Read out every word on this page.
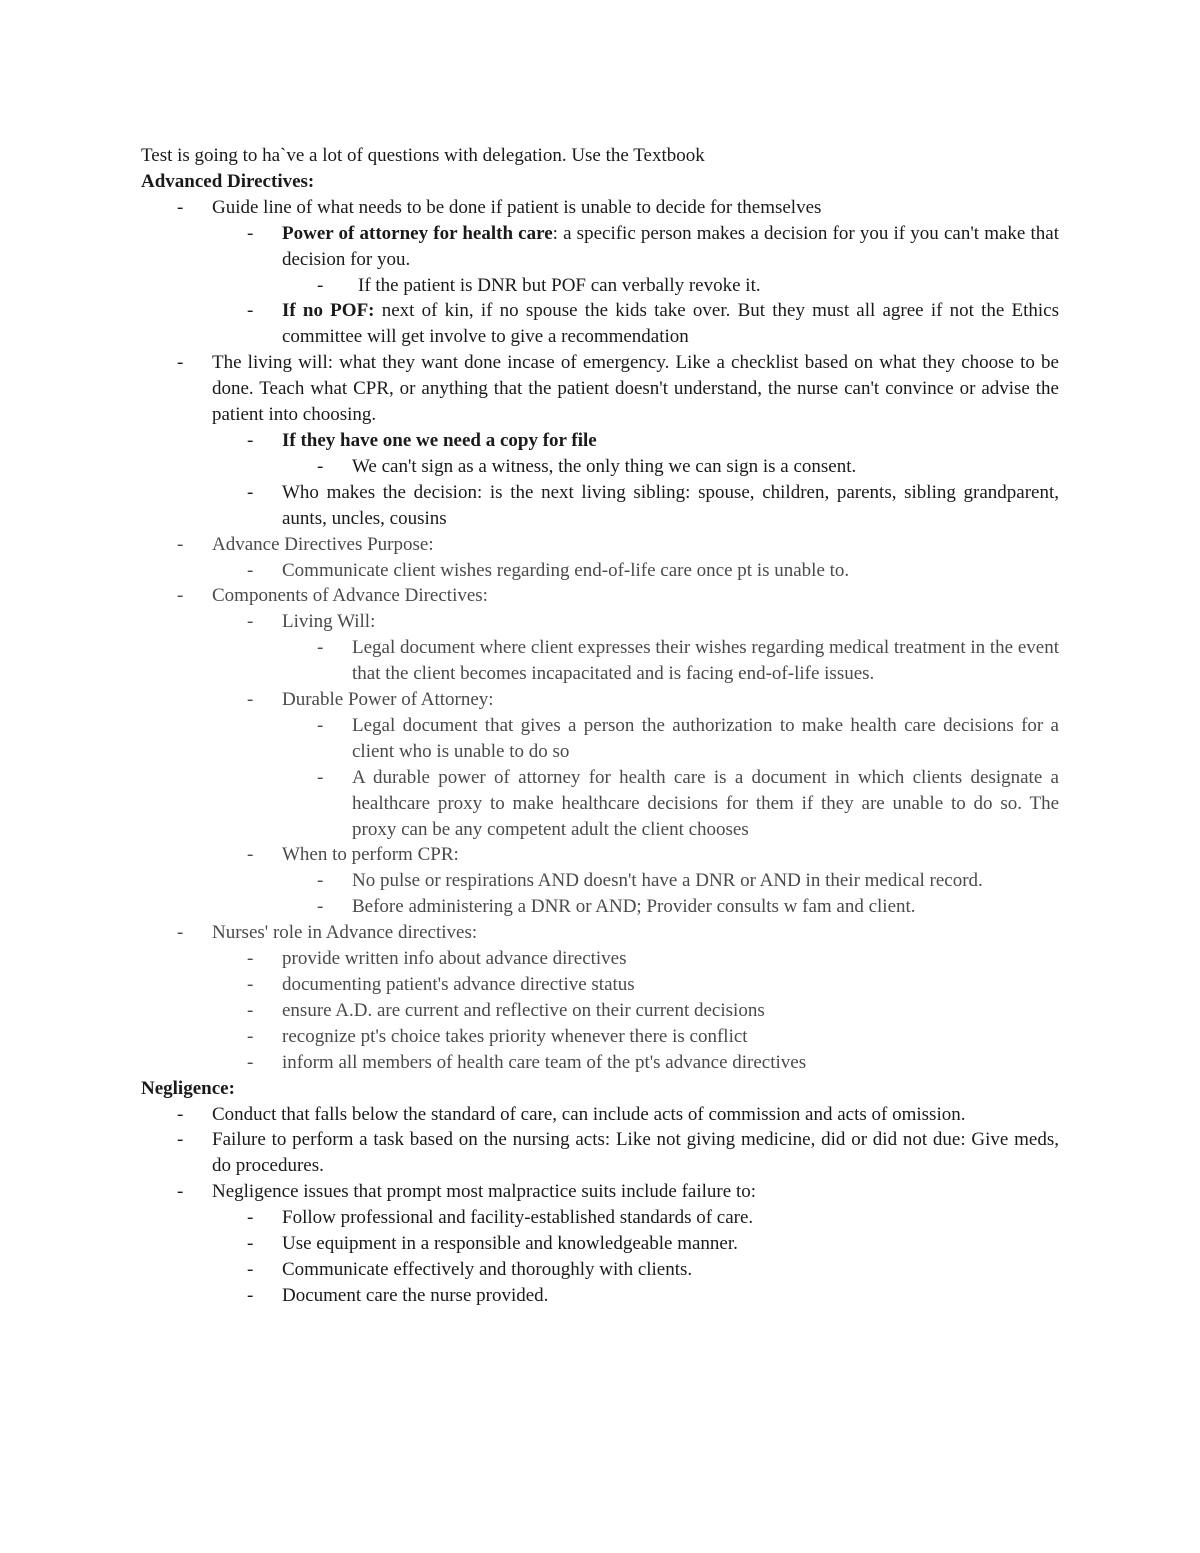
Test is going to ha`ve a lot of questions with delegation. Use the Textbook
Advanced Directives:
- Guide line of what needs to be done if patient is unable to decide for themselves
- Power of attorney for health care: a specific person makes a decision for you if you can't make that decision for you.
- If the patient is DNR but POF can verbally revoke it.
- If no POF: next of kin, if no spouse the kids take over. But they must all agree if not the Ethics committee will get involve to give a recommendation
- The living will: what they want done incase of emergency. Like a checklist based on what they choose to be done. Teach what CPR, or anything that the patient doesn't understand, the nurse can't convince or advise the patient into choosing.
- If they have one we need a copy for file
- We can't sign as a witness, the only thing we can sign is a consent.
- Who makes the decision: is the next living sibling: spouse, children, parents, sibling grandparent, aunts, uncles, cousins
- Advance Directives Purpose:
- Communicate client wishes regarding end-of-life care once pt is unable to.
- Components of Advance Directives:
- Living Will:
- Legal document where client expresses their wishes regarding medical treatment in the event that the client becomes incapacitated and is facing end-of-life issues.
- Durable Power of Attorney:
- Legal document that gives a person the authorization to make health care decisions for a client who is unable to do so
- A durable power of attorney for health care is a document in which clients designate a healthcare proxy to make healthcare decisions for them if they are unable to do so. The proxy can be any competent adult the client chooses
- When to perform CPR:
- No pulse or respirations AND doesn't have a DNR or AND in their medical record.
- Before administering a DNR or AND; Provider consults w fam and client.
- Nurses' role in Advance directives:
- provide written info about advance directives
- documenting patient's advance directive status
- ensure A.D. are current and reflective on their current decisions
- recognize pt's choice takes priority whenever there is conflict
- inform all members of health care team of the pt's advance directives
Negligence:
- Conduct that falls below the standard of care, can include acts of commission and acts of omission.
- Failure to perform a task based on the nursing acts: Like not giving medicine, did or did not due: Give meds, do procedures.
- Negligence issues that prompt most malpractice suits include failure to:
- Follow professional and facility-established standards of care.
- Use equipment in a responsible and knowledgeable manner.
- Communicate effectively and thoroughly with clients.
- Document care the nurse provided.
